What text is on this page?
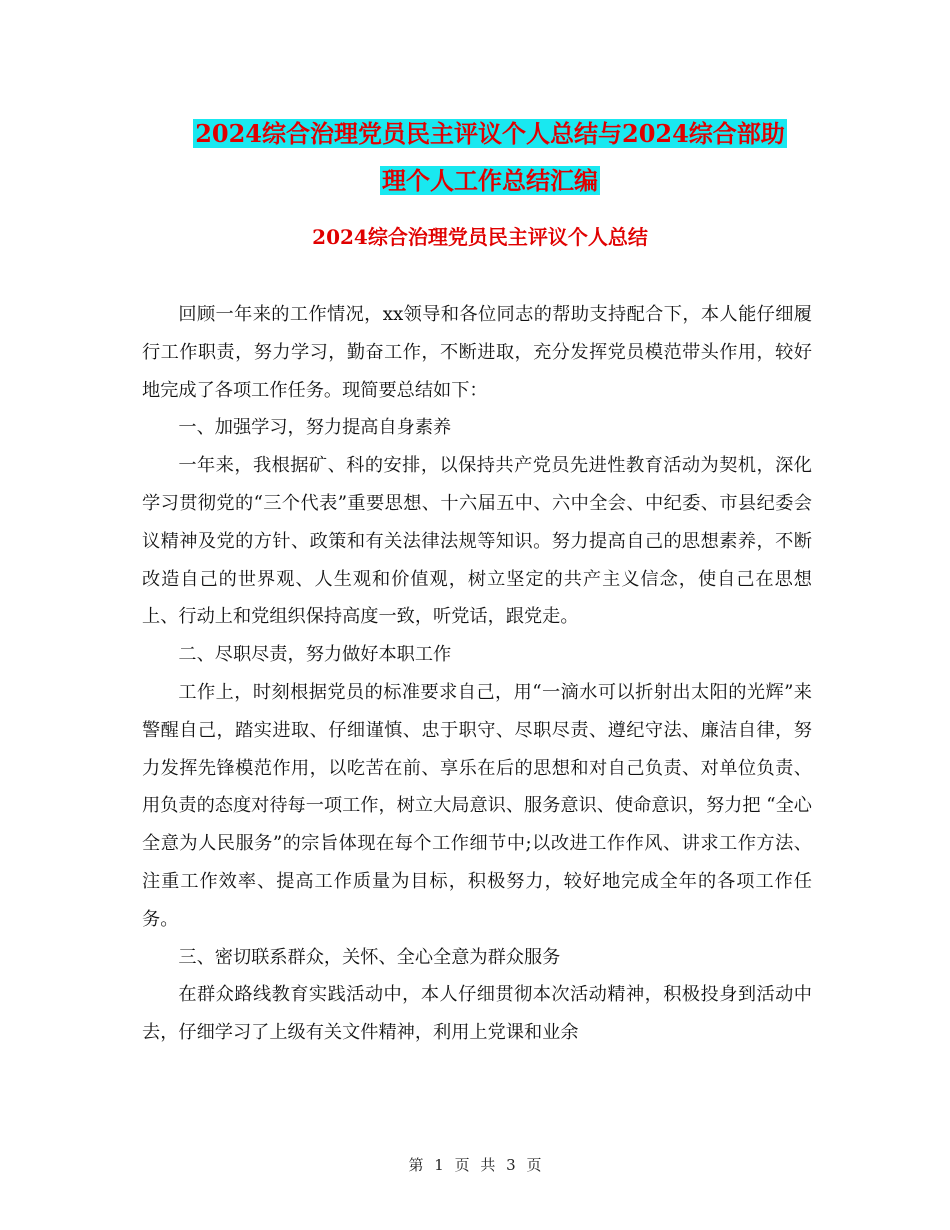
2024综合治理党员民主评议个人总结与2024综合部助
理个人工作总结汇编
2024综合治理党员民主评议个人总结

回顾一年来的工作情况，xx领导和各位同志的帮助支持配合下，本人能仔细履行工作职责，努力学习，勤奋工作，不断进取，充分发挥党员模范带头作用，较好地完成了各项工作任务。现简要总结如下：

一、加强学习，努力提高自身素养

一年来，我根据矿、科的安排，以保持共产党员先进性教育活动为契机，深化学习贯彻党的“三个代表”重要思想、十六届五中、六中全会、中纪委、市县纪委会议精神及党的方针、政策和有关法律法规等知识。努力提高自己的思想素养，不断改造自己的世界观、人生观和价值观，树立坚定的共产主义信念，使自己在思想上、行动上和党组织保持高度一致，听党话，跟党走。

二、尽职尽责，努力做好本职工作

工作上，时刻根据党员的标准要求自己，用“一滴水可以折射出太阳的光辉”来警醒自己，踏实进取、仔细谨慎、忠于职守、尽职尽责、遵纪守法、廉洁自律，努力发挥先锋模范作用，以吃苦在前、享乐在后的思想和对自己负责、对单位负责、用负责的态度对待每一项工作，树立大局意识、服务意识、使命意识，努力把 “全心全意为人民服务”的宗旨体现在每个工作细节中;以改进工作作风、讲求工作方法、注重工作效率、提高工作质量为目标，积极努力，较好地完成全年的各项工作任务。

三、密切联系群众，关怀、全心全意为群众服务

在群众路线教育实践活动中，本人仔细贯彻本次活动精神，积极投身到活动中去，仔细学习了上级有关文件精神，利用上党课和业余

第 1 页 共 3 页
